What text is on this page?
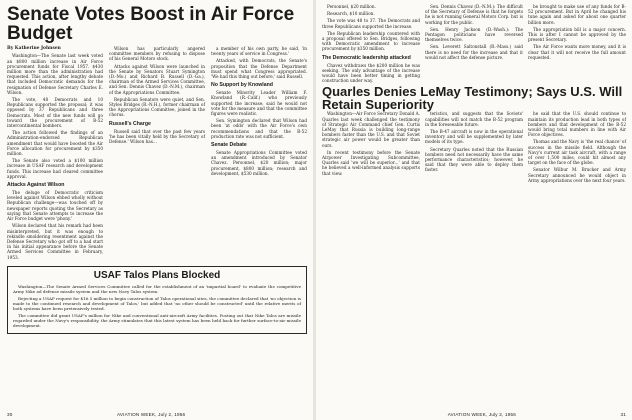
Senate Votes Boost in Air Force Budget
By Katherine Johnsen

Washington—The Senate last week voted an $800 million increase in Air Force procurement funds for Fiscal 1957. $430 million more than the administration had requested. This action, after lengthy debate that included Democratic demands for the resignation of Defense Secretary Charles E. Wilson.

The vote, 48 Democrats and 10 Republicans supported the proposal; it was opposed by 37 Republicans and three Democrats. Most of the new funds will go toward the procurement of B-52 intercontinental bombers.

The action followed the findings of an Administration-endorsed Republican amendment that would have boosted the Air Force allocation for procurement by $350 million.

The Senate also voted a $100 million increase in USAF research and development funds. This increase had cleared committee approval.

Attacks Against Wilson

The deluge of Democratic criticism leveled against Wilson ebbed wholly without Republican challenge—was touched off by newspaper reports quoting the Secretary as saying that Senate attempts to increase the Air Force budget were 'phony.'

Wilson declared that his remark had been misinterpreted, but it was enough to rekindle smoldering resentment against the Defense Secretary who got off to a bad start in his initial appearance before the Senate Armed Services Committee in February, 1953.

Wilson has particularly angered committee members by refusing to dispose of his General Motors stock.

Attacks against Wilson were launched in the Senate by Senators Stuart Symington (D.-Mo.) and Richard B. Russell (D.-Ga.), chairman of the Armed Services Committee, and Sen. Dennis Chavez (D.-N.M.), chairman of the Appropriations Committee.

Republican Senators were quiet, and Sen. Styles Bridges (R.-N.H.), former chairman of the Appropriations Committee, joined in the chorus.

Russell's Charge

Russell said that over the past few years 'he has been vitally held by the Secretary of Defense.' Wilson has...

a member of his own party, he said, 'in twenty years of service in Congress.'

Attacked, with Democrats, the Senate's proposition that the Defense Department must spend what Congress appropriated. 'We had this thing out before,' said Russell.

No Support by Knowland

Senate Minority Leader William F. Knowland (R.-Calif.) who previously supported the increase, said he would not vote for the measure and that the committee figures were realistic.

Sen. Symington declared that Wilson had been 'at odds' with the Air Force's own recommendations and that the B-52 production rate was not sufficient.

Senate Debate

Senate Appropriations Committee voted an amendment introduced by Senator Chavez. Personnel, $20 million; major procurement, $800 million; research and development, $530 million.

USAF Talos Plans Blocked

Washington—The Senate Armed Services Committee called for the establishment of an 'impartial board' to evaluate the competitive Army Nike ad defense missile system and the new Navy Talos system.

Rejecting a USAF request for $16.5 million to begin construction of Talos operational sites, the committee declared that 'no objection is made to the continued research and development of Talos,' but added that 'no other should be constructed' until the relative merits of both systems have been pretensively tested.

The committee did grant USAF's million for Nike and conventional anti-aircraft Army facilities. Posting out that Nike Talos are missile regarded under the Navy's responsibility, the Army stimulates that this latest system has been held back for further surface-to-air missile development.

30	AVIATION WEEK, July 2, 1956

Personnel, $20 million.

Research, $10 million.

The vote was 48 to 37. The Democrats and three Republicans supported the increase.

The Republican leadership countered with a proposal offered to Sen. Bridges, following with Democratic amendment to increase procurement by $350 million.

The Democratic leadership attacked

Chavez withdraws the $200 million he was seeking. The only advantage of the increase would have been better timing in getting construction under way.

Sen. Dennis Chavez (D.-N.M.): The difficult of the Secretary of Defense is that he forgets he is not running General Motors Corp. but is working for the public.

Sen. Henry Jackson (D.-Wash.): The Pentagon politicians have reversed themselves twice.

Sen. Leverett Saltonstall (R.-Mass.) said there is no need for the increase and that it would not affect the defense picture.

be brought to make use of any funds for B-52 procurement. But in April he changed his tune again and asked for about one quarter billion more.

The appropriation bill is a major concern. This is after I cannot be approved by the present Secretary.

The Air Force wants more money, and it is clear that it will not receive the full amount requested.

Quarles Denies LeMay Testimony; Says U.S. Will Retain Superiority

Washington—Air Force Secretary Donald A. Quarles last week challenged the testimony of Strategic Air Command chief Gen. Curtis LeMay that Russia is building long-range bombers faster than the U.S. and that Soviet strategic air power would be greater than ours.

In recent testimony before the Senate Airpower Investigating Subcommittee, Quarles said 'we will be superior...' and that he believed a well-informed analysis supports that view.

teristics, and suggests that the Soviets' capabilities will not match the B-52 program in the foreseeable future.

The B-47 aircraft is now in the operational inventory and will be supplemented by later models of its type.

Secretary Quarles noted that the Russian bombers need not necessarily have the same performance characteristics; however, he said that they were able to deploy them faster.

he said that the U.S. should continue to maintain its production lead in both types of bombers and that development of the B-52 would bring total numbers in line with Air Force objectives.

Thomas and the Navy is 'the real chance' of success in the missile field. Although the Navy's current air task aircraft, with a range of over 1,500 miles, could hit almost any target on the face of the globe.

Senator Wilbur M. Brucker and Army Secretary announced he would object in Army appropriations over the next four years.

AVIATION WEEK, July 2, 1956	31
